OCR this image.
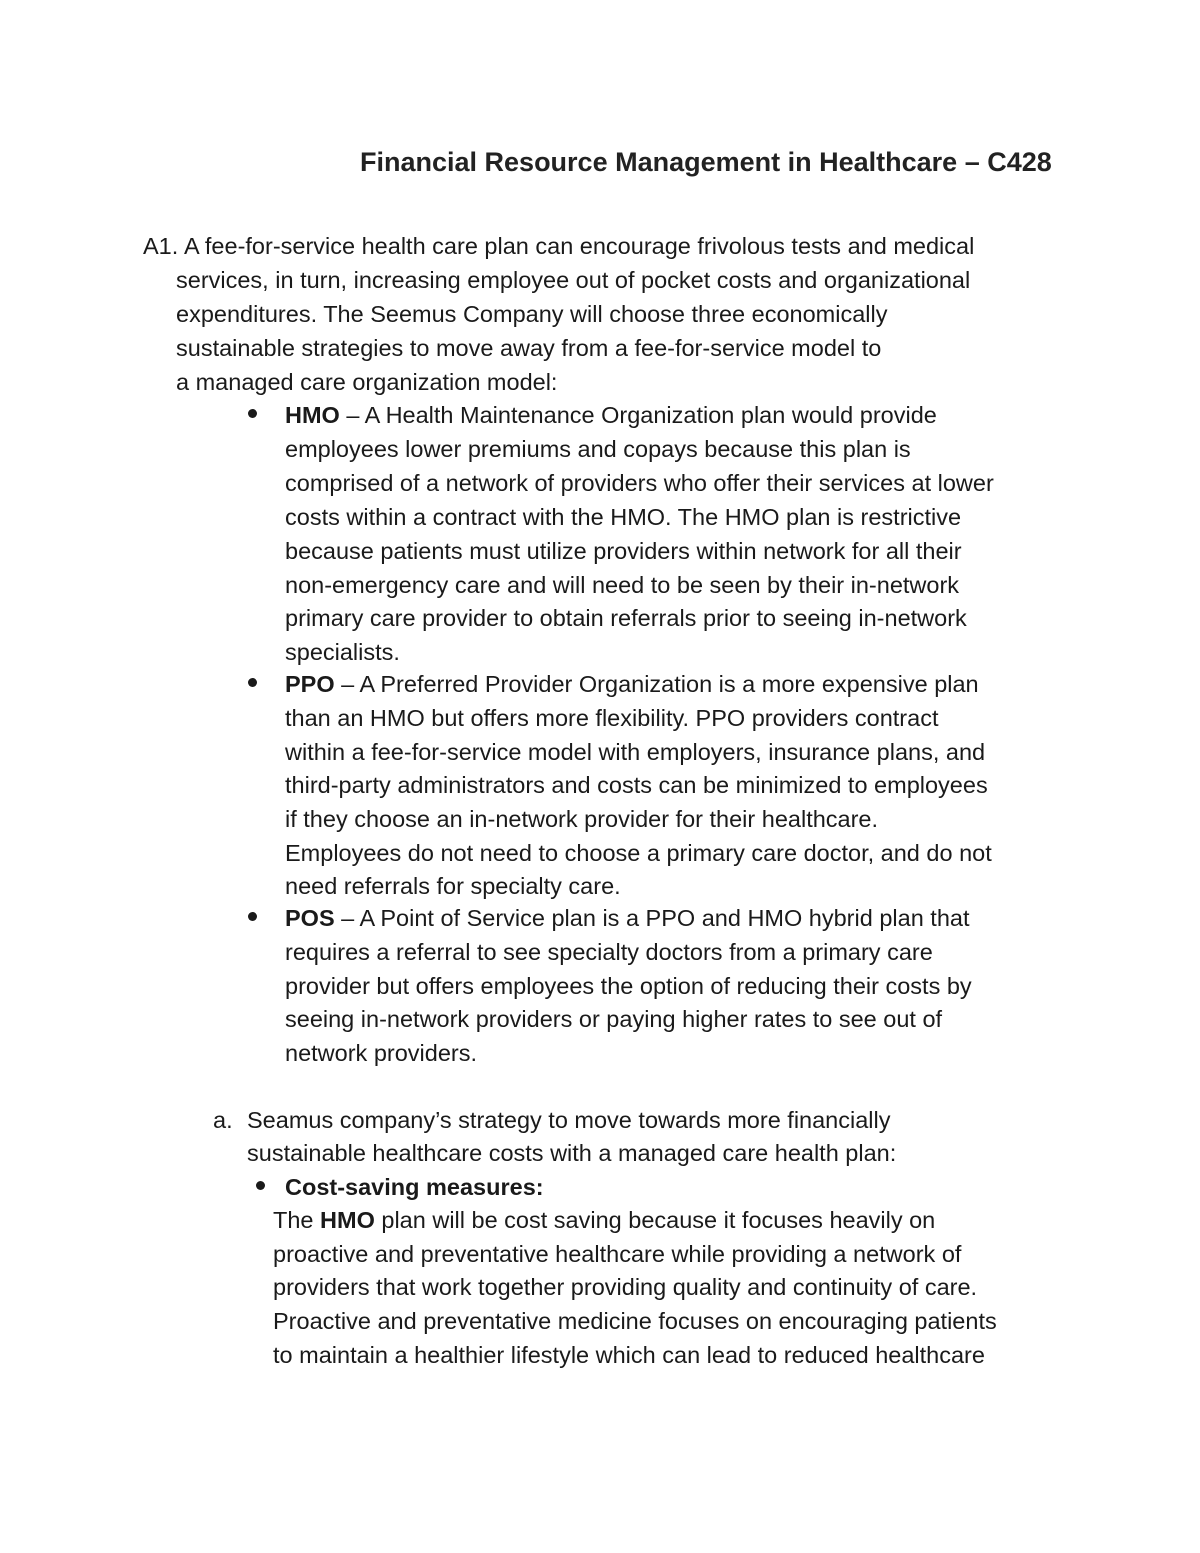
Financial Resource Management in Healthcare – C428
A1. A fee-for-service health care plan can encourage frivolous tests and medical
services, in turn, increasing employee out of pocket costs and organizational
expenditures. The Seemus Company will choose three economically
sustainable strategies to move away from a fee-for-service model to
a managed care organization model:
HMO – A Health Maintenance Organization plan would provide
employees lower premiums and copays because this plan is
comprised of a network of providers who offer their services at lower
costs within a contract with the HMO. The HMO plan is restrictive
because patients must utilize providers within network for all their
non-emergency care and will need to be seen by their in-network
primary care provider to obtain referrals prior to seeing in-network
specialists.
PPO – A Preferred Provider Organization is a more expensive plan
than an HMO but offers more flexibility. PPO providers contract
within a fee-for-service model with employers, insurance plans, and
third-party administrators and costs can be minimized to employees
if they choose an in-network provider for their healthcare.
Employees do not need to choose a primary care doctor, and do not
need referrals for specialty care.
POS – A Point of Service plan is a PPO and HMO hybrid plan that
requires a referral to see specialty doctors from a primary care
provider but offers employees the option of reducing their costs by
seeing in-network providers or paying higher rates to see out of
network providers.
a. Seamus company’s strategy to move towards more financially
sustainable healthcare costs with a managed care health plan:
Cost-saving measures:
The HMO plan will be cost saving because it focuses heavily on
proactive and preventative healthcare while providing a network of
providers that work together providing quality and continuity of care.
Proactive and preventative medicine focuses on encouraging patients
to maintain a healthier lifestyle which can lead to reduced healthcare
